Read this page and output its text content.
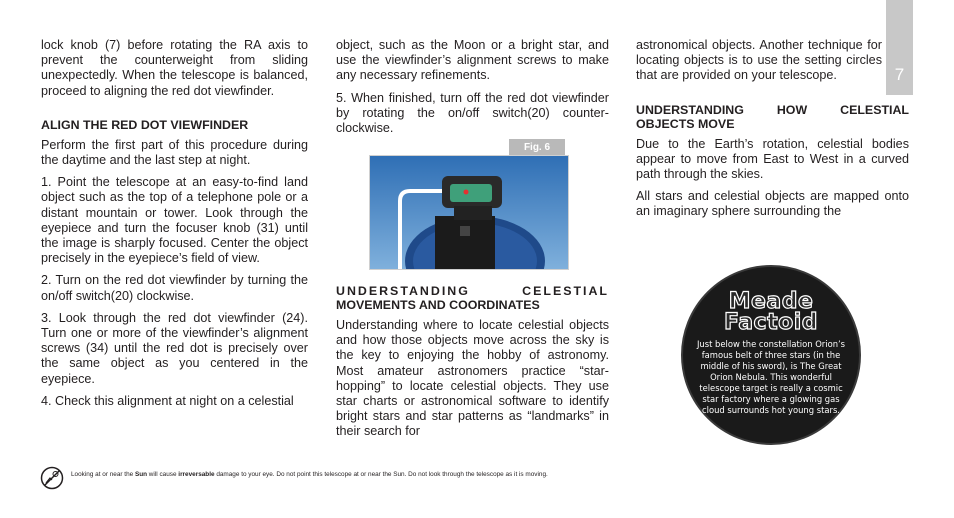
7

lock knob (7) before rotating the RA axis to prevent the counterweight from sliding unexpectedly. When the telescope is balanced, proceed to aligning the red dot viewfinder.

ALIGN THE RED DOT VIEWFINDER

Perform the first part of this procedure during the daytime and the last step at night.

1. Point the telescope at an easy-to-find land object such as the top of a telephone pole or a distant mountain or tower. Look through the eyepiece and turn the focuser knob (31) until the image is sharply focused. Center the object precisely in the eyepiece’s field of view.

2. Turn on the red dot viewfinder by turning the on/off switch(20) clockwise.

3. Look through the red dot viewfinder (24). Turn one or more of the viewfinder’s alignment screws (34) until the red dot is precisely over the same object as you centered in the eyepiece.

4. Check this alignment at night on a celestial

object, such as the Moon or a bright star, and use the viewfinder’s alignment screws to make any necessary refinements.

5. When finished, turn off the red dot viewfinder by rotating the on/off switch(20) counter-clockwise.

Fig. 6
UNDERSTANDING CELESTIAL
MOVEMENTS AND COORDINATES

Understanding where to locate celestial objects and how those objects move across the sky is the key to enjoying the hobby of astronomy. Most amateur astronomers practice “star-hopping” to locate celestial objects. They use star charts or astronomical software to identify bright stars and star patterns as “landmarks” in their search for

astronomical objects. Another technique for locating objects is to use the setting circles that are provided on your telescope.

UNDERSTANDING HOW CELESTIAL OBJECTS MOVE

Due to the Earth’s rotation, celestial bodies appear to move from East to West in a curved path through the skies.

All stars and celestial objects are mapped onto an imaginary sphere surrounding the

Meade
Factoid
Just below the constellation Orion’s famous belt of three stars (in the middle of his sword), is The Great Orion Nebula. This wonderful telescope target is really a cosmic star factory where a glowing gas cloud surrounds hot young stars.
Looking at or near the Sun will cause irreversable damage to your eye. Do not point this telescope at or near the Sun. Do not look through the telescope as it is moving.
